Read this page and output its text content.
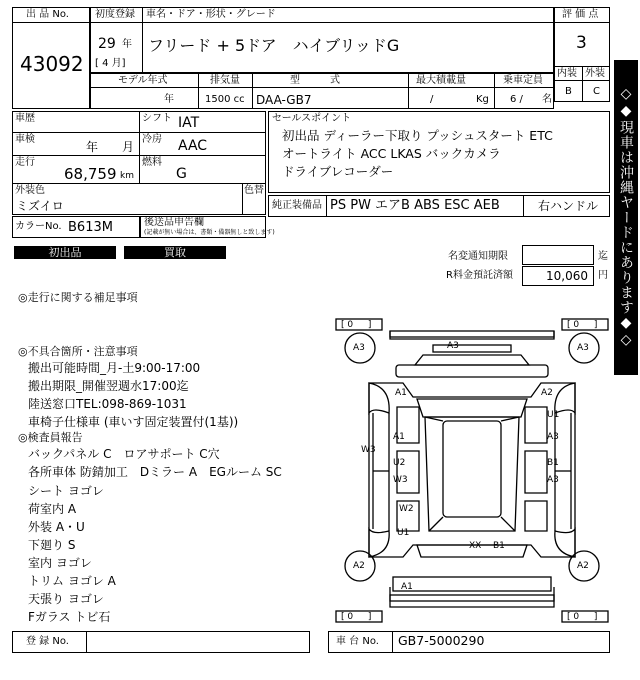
出 品 No.
43092
初度登録 車名・ドア・形状・グレード
29 年
[ 4 月]
フリード + 5ドア　ハイブリッドG
評 価 点
3
内装 外装
B C
モデル年式
年
排気量
1500 cc
型　　　式
DAA-GB7
最大積載量
/	Kg
乗車定員
6 / 名
車歴	シフト IAT
車検
年 月
冷房 AAC
走行
68,759 km
燃料
G
外装色
ミズイロ
色替
カラーNo. B613M	後送品申告欄
(記載が無い場合は、書類・備器無しと致します)
初出品	買取
セールスポイント
初出品 ディーラー下取り プッシュスタート ETC
オートライト ACC LKAS バックカメラ
ドライブレコーダー
純正装備品 PS PW エアB ABS ESC AEB	右ハンドル
名変通知期限	迄
R料金預託済額	10,060 円 ◇◆現車は沖縄ヤードにあります◆◇
◎走行に関する補足事項
◎不具合箇所・注意事項
搬出可能時間_月-土9:00-17:00
搬出期限_開催翌週水17:00迄
陸送窓口TEL:098-869-1031
車椅子仕様車 (車いす固定装置付(1基))
◎検査員報告
バックパネル C　ロアサポート C穴
各所車体 防錆加工　Dミラー A　EGルーム SC
シート ヨゴレ
荷室内 A
外装 A・U
下廻り S
室内 ヨゴレ
トリム ヨゴレ A
天張り ヨゴレ
Fガラス トビ石
[ 0 　 ]	[ 0 　 ]
[ 0 　 ]	[ 0 　 ]
A3
A3	A3
A1	A2
U1
A3
A1
W3
U2	B1
W3	A3
W2
U1
XX B1
A2	A2
A1
登 録 No.	車 台 No. GB7-5000290
